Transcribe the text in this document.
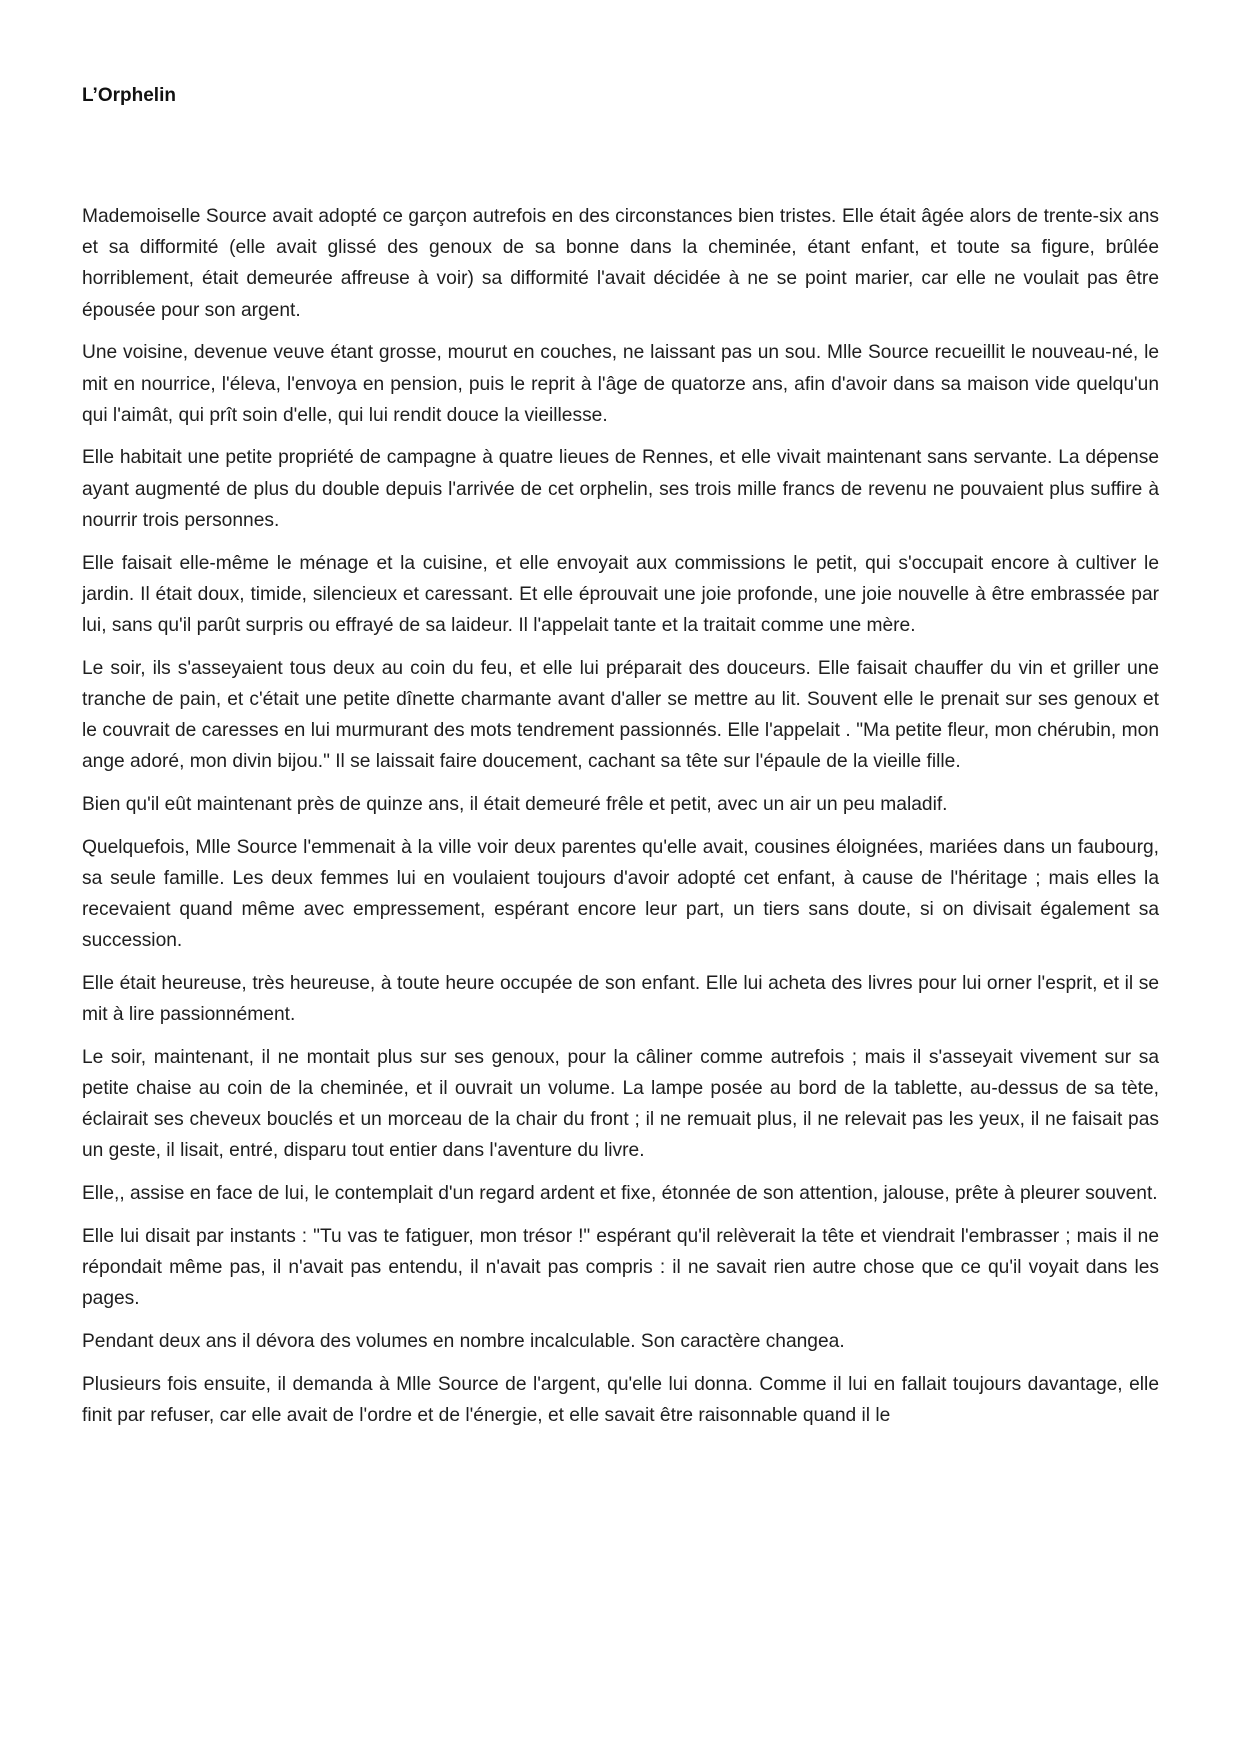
L’Orphelin

Mademoiselle Source avait adopté ce garçon autrefois en des circonstances bien tristes. Elle était âgée alors de trente-six ans et sa difformité (elle avait glissé des genoux de sa bonne dans la cheminée, étant enfant, et toute sa figure, brûlée horriblement, était demeurée affreuse à voir) sa difformité l'avait décidée à ne se point marier, car elle ne voulait pas être épousée pour son argent.

Une voisine, devenue veuve étant grosse, mourut en couches, ne laissant pas un sou. Mlle Source recueillit le nouveau-né, le mit en nourrice, l'éleva, l'envoya en pension, puis le reprit à l'âge de quatorze ans, afin d'avoir dans sa maison vide quelqu'un qui l'aimât, qui prît soin d'elle, qui lui rendit douce la vieillesse.

Elle habitait une petite propriété de campagne à quatre lieues de Rennes, et elle vivait maintenant sans servante. La dépense ayant augmenté de plus du double depuis l'arrivée de cet orphelin, ses trois mille francs de revenu ne pouvaient plus suffire à nourrir trois personnes.

Elle faisait elle-même le ménage et la cuisine, et elle envoyait aux commissions le petit, qui s'occupait encore à cultiver le jardin. Il était doux, timide, silencieux et caressant. Et elle éprouvait une joie profonde, une joie nouvelle à être embrassée par lui, sans qu'il parût surpris ou effrayé de sa laideur. Il l'appelait tante et la traitait comme une mère.

Le soir, ils s'asseyaient tous deux au coin du feu, et elle lui préparait des douceurs. Elle faisait chauffer du vin et griller une tranche de pain, et c'était une petite dînette charmante avant d'aller se mettre au lit. Souvent elle le prenait sur ses genoux et le couvrait de caresses en lui murmurant des mots tendrement passionnés. Elle l'appelait . "Ma petite fleur, mon chérubin, mon ange adoré, mon divin bijou." Il se laissait faire doucement, cachant sa tête sur l'épaule de la vieille fille.

Bien qu'il eût maintenant près de quinze ans, il était demeuré frêle et petit, avec un air un peu maladif.

Quelquefois, Mlle Source l'emmenait à la ville voir deux parentes qu'elle avait, cousines éloignées, mariées dans un faubourg, sa seule famille. Les deux femmes lui en voulaient toujours d'avoir adopté cet enfant, à cause de l'héritage ; mais elles la recevaient quand même avec empressement, espérant encore leur part, un tiers sans doute, si on divisait également sa succession.

Elle était heureuse, très heureuse, à toute heure occupée de son enfant. Elle lui acheta des livres pour lui orner l'esprit, et il se mit à lire passionnément.

Le soir, maintenant, il ne montait plus sur ses genoux, pour la câliner comme autrefois ; mais il s'asseyait vivement sur sa petite chaise au coin de la cheminée, et il ouvrait un volume. La lampe posée au bord de la tablette, au-dessus de sa tète, éclairait ses cheveux bouclés et un morceau de la chair du front ; il ne remuait plus, il ne relevait pas les yeux, il ne faisait pas un geste, il lisait, entré, disparu tout entier dans l'aventure du livre.

Elle,, assise en face de lui, le contemplait d'un regard ardent et fixe, étonnée de son attention, jalouse, prête à pleurer souvent.

Elle lui disait par instants : "Tu vas te fatiguer, mon trésor !" espérant qu'il relèverait la tête et viendrait l'embrasser ; mais il ne répondait même pas, il n'avait pas entendu, il n'avait pas compris : il ne savait rien autre chose que ce qu'il voyait dans les pages.

Pendant deux ans il dévora des volumes en nombre incalculable. Son caractère changea.

Plusieurs fois ensuite, il demanda à Mlle Source de l'argent, qu'elle lui donna. Comme il lui en fallait toujours davantage, elle finit par refuser, car elle avait de l'ordre et de l'énergie, et elle savait être raisonnable quand il le
